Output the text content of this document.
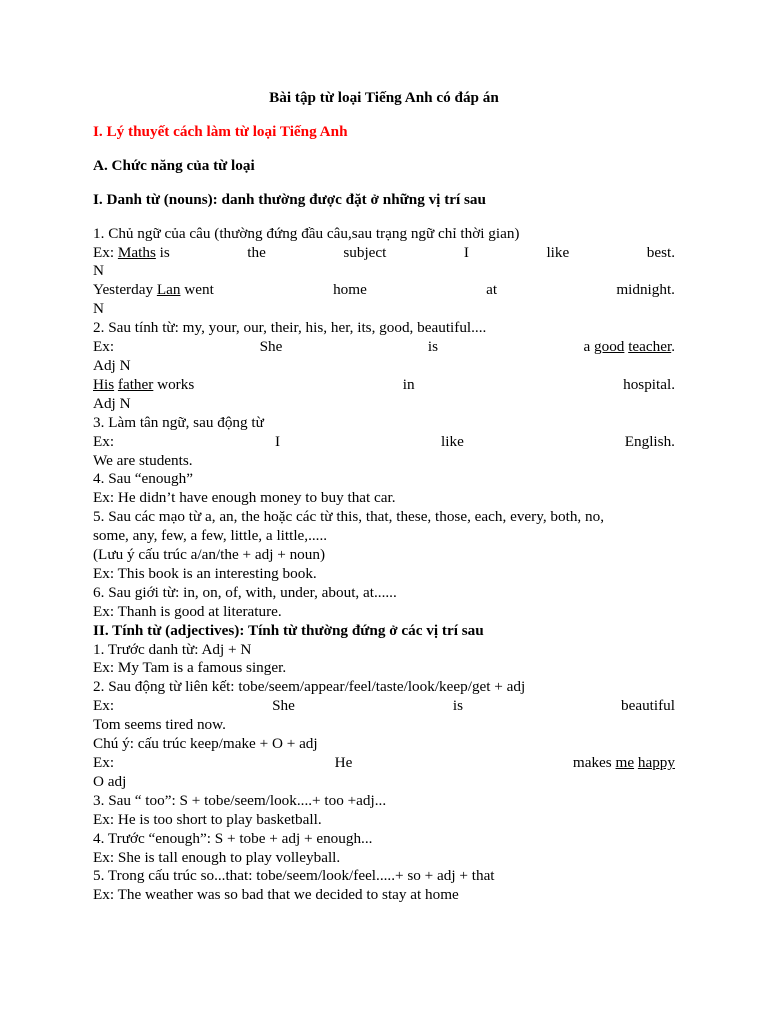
Bài tập từ loại Tiếng Anh có đáp án
I. Lý thuyết cách làm từ loại Tiếng Anh
A. Chức năng của từ loại
I. Danh từ (nouns): danh thường được đặt ở những vị trí sau
1. Chủ ngữ của câu (thường đứng đầu câu,sau trạng ngữ chỉ thời gian)
Ex: Maths is	the	subject	I	like	best.
N
Yesterday Lan went	home	at	midnight.
N
2. Sau tính từ: my, your, our, their, his, her, its, good, beautiful....
Ex:	She	is	a good teacher.
Adj N
His father works	in	hospital.
Adj N
3. Làm tân ngữ, sau động từ
Ex:	I	like	English.
We are students.
4. Sau “enough”
Ex: He didn’t have enough money to buy that car.
5. Sau các mạo từ a, an, the hoặc các từ this, that, these, those, each, every, both, no,
some, any, few, a few, little, a little,.....
(Lưu ý cấu trúc a/an/the + adj + noun)
Ex: This book is an interesting book.
6. Sau giới từ: in, on, of, with, under, about, at......
Ex: Thanh is good at literature.
II. Tính từ (adjectives): Tính từ thường đứng ở các vị trí sau
1. Trước danh từ: Adj + N
Ex: My Tam is a famous singer.
2. Sau động từ liên kết: tobe/seem/appear/feel/taste/look/keep/get + adj
Ex:	She	is	beautiful
Tom seems tired now.
Chú ý: cấu trúc keep/make + O + adj
Ex:	He	makes me happy
O adj
3. Sau “ too”: S + tobe/seem/look....+ too +adj...
Ex: He is too short to play basketball.
4. Trước “enough”: S + tobe + adj + enough...
Ex: She is tall enough to play volleyball.
5. Trong cấu trúc so...that: tobe/seem/look/feel.....+ so + adj + that
Ex: The weather was so bad that we decided to stay at home
